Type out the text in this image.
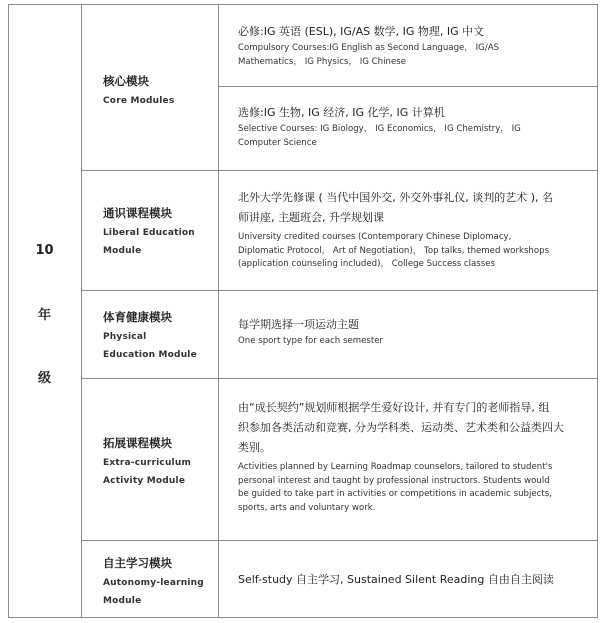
10
年
级
核心模块
Core Modules
通识课程模块
Liberal Education
Module
体育健康模块
Physical
Education Module
拓展课程模块
Extra-curriculum
Activity Module
自主学习模块
Autonomy-learning
Module
必修:IG 英语 (ESL), IG/AS 数学, IG 物理, IG 中文
Compulsory Courses:IG English as Second Language， IG/AS
Mathematics， IG Physics， IG Chinese
选修:IG 生物, IG 经济, IG 化学, IG 计算机
Selective Courses: IG Biology， IG Economics， IG Chemistry， IG
Computer Science
北外大学先修课 ( 当代中国外交, 外交外事礼仪, 谈判的艺术 ), 名
师讲座, 主题班会, 升学规划课
University credited courses (Contemporary Chinese Diplomacy,
Diplomatic Protocol， Art of Negotiation)， Top talks, themed workshops
(application counseling included)， College Success classes
每学期选择一项运动主题
One sport type for each semester
由“成长契约”规划师根据学生爱好设计, 并有专门的老师指导, 组
织参加各类活动和竞赛, 分为学科类、运动类、艺术类和公益类四大
类别。
Activities planned by Learning Roadmap counselors, tailored to student's
personal interest and taught by professional instructors. Students would
be guided to take part in activities or competitions in academic subjects,
sports, arts and voluntary work.
Self-study 自主学习, Sustained Silent Reading 自由自主阅读
